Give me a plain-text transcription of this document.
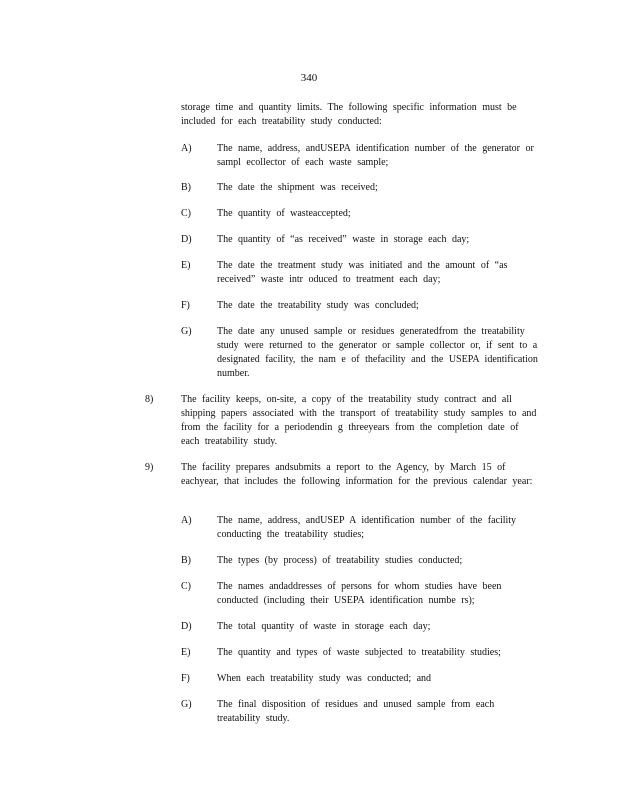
340
storage time and quantity limits. The following specific information must be included for each treatability study conducted:
A)	The name, address, andUSEPA identification number of the generator or sampl ecollector of each waste sample;
B)	The date the shipment was received;
C)	The quantity of wasteaccepted;
D)	The quantity of “as received” waste in storage each day;
E)	The date the treatment study was initiated and the amount of “as received” waste intr oduced to treatment each day;
F)	The date the treatability study was concluded;
G)	The date any unused sample or residues generatedfrom the treatability study were returned to the generator or sample collector or, if sent to a designated facility, the nam e of thefacility and the USEPA identification number.
8)	The facility keeps, on-site, a copy of the treatability study contract and all shipping papers associated with the transport of treatability study samples to and from the facility for a periodendin g threeyears from the completion date of each treatability study.
9)	The facility prepares andsubmits a report to the Agency, by March 15 of eachyear, that includes the following information for the previous calendar year:
A)	The name, address, andUSEP A identification number of the facility conducting the treatability studies;
B)	The types (by process) of treatability studies conducted;
C)	The names andaddresses of persons for whom studies have been conducted (including their USEPA identification numbe rs);
D)	The total quantity of waste in storage each day;
E)	The quantity and types of waste subjected to treatability studies;
F)	When each treatability study was conducted; and
G)	The final disposition of residues and unused sample from each treatability study.
